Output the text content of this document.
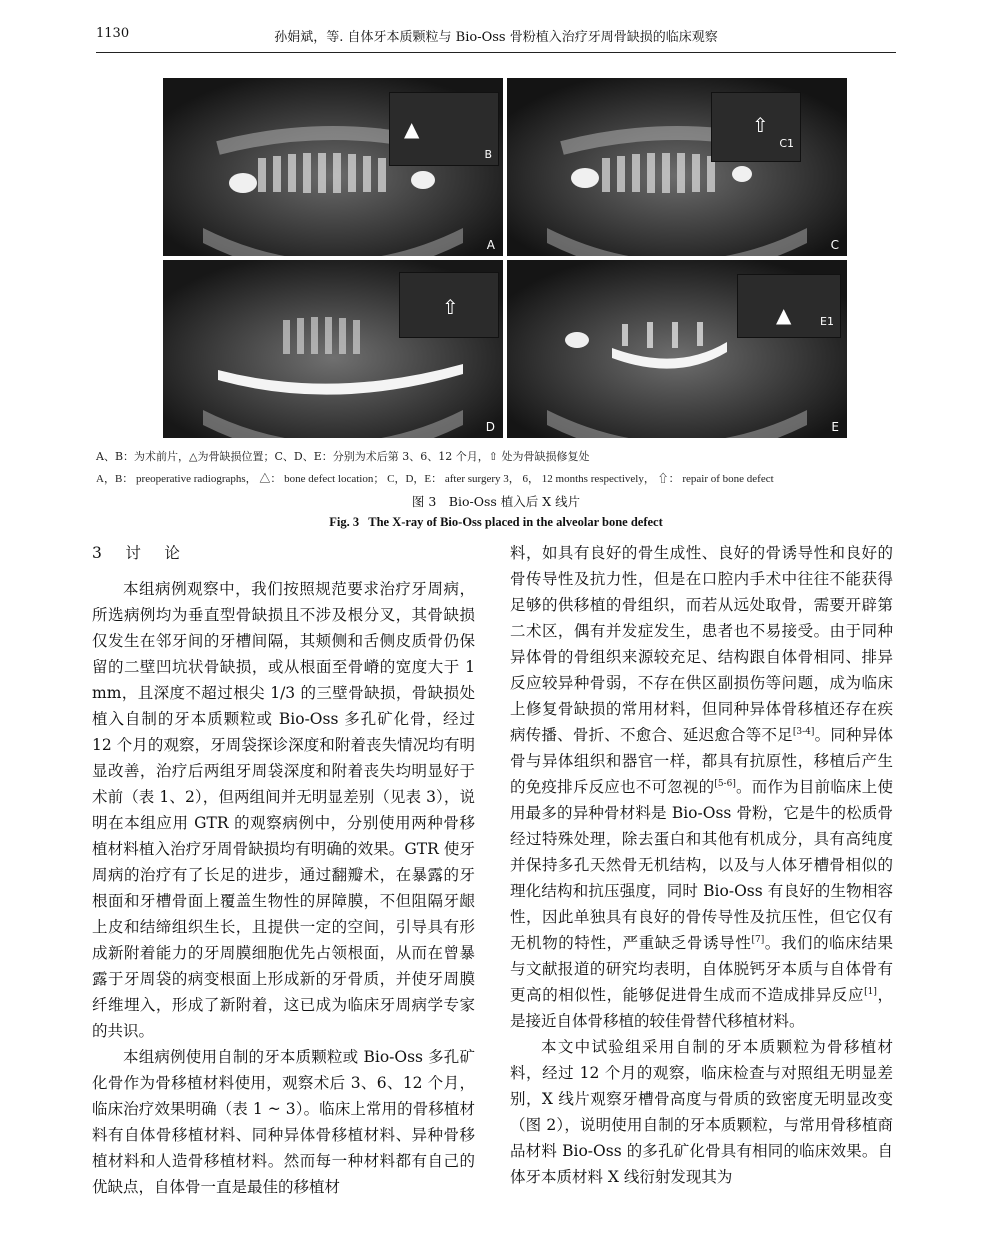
1130	孙娟斌，等. 自体牙本质颗粒与 Bio-Oss 骨粉植入治疗牙周骨缺损的临床观察
▲
B
A
⇧
C1
C
⇧
D
▲	E1
E
A、B：为术前片，△为骨缺损位置；C、D、E：分别为术后第 3、6、12 个月，⇧ 处为骨缺损修复处
A，B： preoperative radiographs， △： bone defect location； C，D，E： after surgery 3， 6， 12 months respectively， ⇧： repair of bone defect
图 3　Bio-Oss 植入后 X 线片
Fig. 3 The X-ray of Bio-Oss placed in the alveolar bone defect
3　讨　论

本组病例观察中，我们按照规范要求治疗牙周病，所选病例均为垂直型骨缺损且不涉及根分叉，其骨缺损仅发生在邻牙间的牙槽间隔，其颊侧和舌侧皮质骨仍保留的二壁凹坑状骨缺损，或从根面至骨嵴的宽度大于 1 mm，且深度不超过根尖 1/3 的三壁骨缺损，骨缺损处植入自制的牙本质颗粒或 Bio-Oss 多孔矿化骨，经过 12 个月的观察，牙周袋探诊深度和附着丧失情况均有明显改善，治疗后两组牙周袋深度和附着丧失均明显好于术前（表 1、2），但两组间并无明显差别（见表 3），说明在本组应用 GTR 的观察病例中，分别使用两种骨移植材料植入治疗牙周骨缺损均有明确的效果。GTR 使牙周病的治疗有了长足的进步，通过翻瓣术，在暴露的牙根面和牙槽骨面上覆盖生物性的屏障膜，不但阻隔牙龈上皮和结缔组织生长，且提供一定的空间，引导具有形成新附着能力的牙周膜细胞优先占领根面，从而在曾暴露于牙周袋的病变根面上形成新的牙骨质，并使牙周膜纤维埋入，形成了新附着，这已成为临床牙周病学专家的共识。

本组病例使用自制的牙本质颗粒或 Bio-Oss 多孔矿化骨作为骨移植材料使用，观察术后 3、6、12 个月，临床治疗效果明确（表 1 ~ 3）。临床上常用的骨移植材料有自体骨移植材料、同种异体骨移植材料、异种骨移植材料和人造骨移植材料。然而每一种材料都有自己的优缺点，自体骨一直是最佳的移植材

料，如具有良好的骨生成性、良好的骨诱导性和良好的骨传导性及抗力性，但是在口腔内手术中往往不能获得足够的供移植的骨组织，而若从远处取骨，需要开辟第二术区，偶有并发症发生，患者也不易接受。由于同种异体骨的骨组织来源较充足、结构跟自体骨相同、排异反应较异种骨弱，不存在供区副损伤等问题，成为临床上修复骨缺损的常用材料，但同种异体骨移植还存在疾病传播、骨折、不愈合、延迟愈合等不足[3-4]。同种异体骨与异体组织和器官一样，都具有抗原性，移植后产生的免疫排斥反应也不可忽视的[5-6]。而作为目前临床上使用最多的异种骨材料是 Bio-Oss 骨粉，它是牛的松质骨经过特殊处理，除去蛋白和其他有机成分，具有高纯度并保持多孔天然骨无机结构，以及与人体牙槽骨相似的理化结构和抗压强度，同时 Bio-Oss 有良好的生物相容性，因此单独具有良好的骨传导性及抗压性，但它仅有无机物的特性，严重缺乏骨诱导性[7]。我们的临床结果与文献报道的研究均表明，自体脱钙牙本质与自体骨有更高的相似性，能够促进骨生成而不造成排异反应[1]，是接近自体骨移植的较佳骨替代移植材料。

本文中试验组采用自制的牙本质颗粒为骨移植材料，经过 12 个月的观察，临床检查与对照组无明显差别，X 线片观察牙槽骨高度与骨质的致密度无明显改变（图 2），说明使用自制的牙本质颗粒，与常用骨移植商品材料 Bio-Oss 的多孔矿化骨具有相同的临床效果。自体牙本质材料 X 线衍射发现其为
